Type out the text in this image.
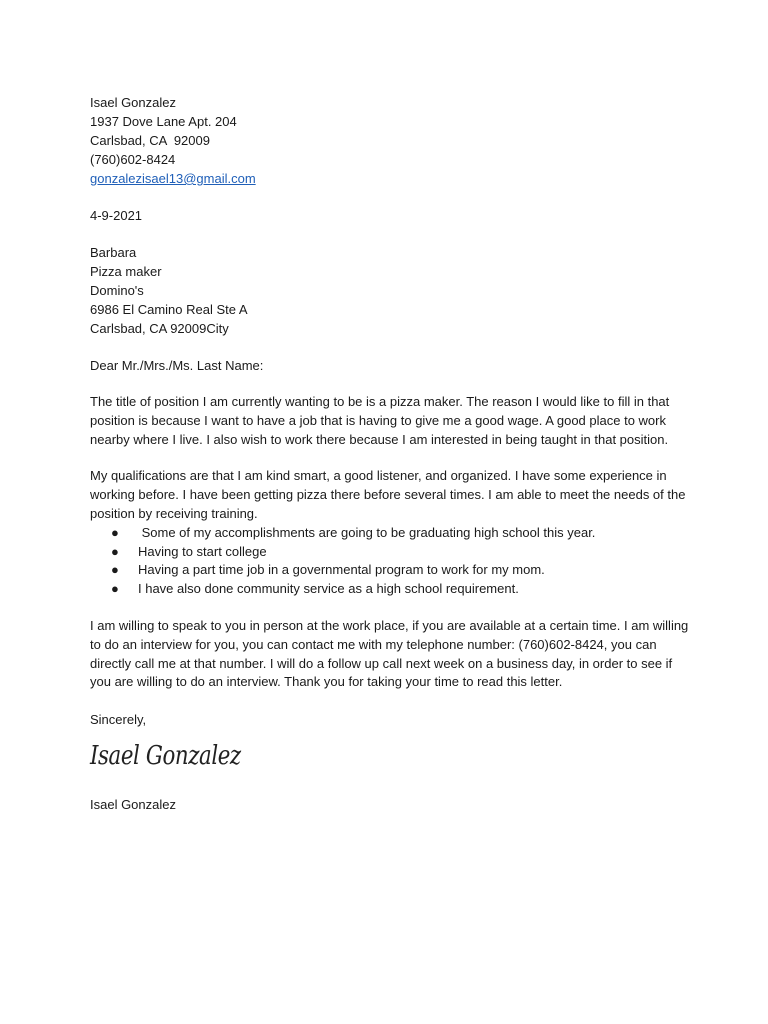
Isael Gonzalez
1937 Dove Lane Apt. 204
Carlsbad, CA  92009
(760)602-8424
gonzalezisael13@gmail.com
4-9-2021
Barbara
Pizza maker
Domino's
6986 El Camino Real Ste A
Carlsbad, CA 92009City
Dear Mr./Mrs./Ms. Last Name:

The title of position I am currently wanting to be is a pizza maker. The reason I would like to fill in that position is because I want to have a job that is having to give me a good wage. A good place to work nearby where I live. I also wish to work there because I am interested in being taught in that position.

My qualifications are that I am kind smart, a good listener, and organized. I have some experience in working before. I have been getting pizza there before several times. I am able to meet the needs of the position by receiving training.

● Some of my accomplishments are going to be graduating high school this year.
● Having to start college
● Having a part time job in a governmental program to work for my mom.
● I have also done community service as a high school requirement.

I am willing to speak to you in person at the work place, if you are available at a certain time. I am willing to do an interview for you, you can contact me with my telephone number: (760)602-8424, you can directly call me at that number. I will do a follow up call next week on a business day, in order to see if you are willing to do an interview. Thank you for taking your time to read this letter.

Sincerely,
Isael Gonzalez
Isael Gonzalez
